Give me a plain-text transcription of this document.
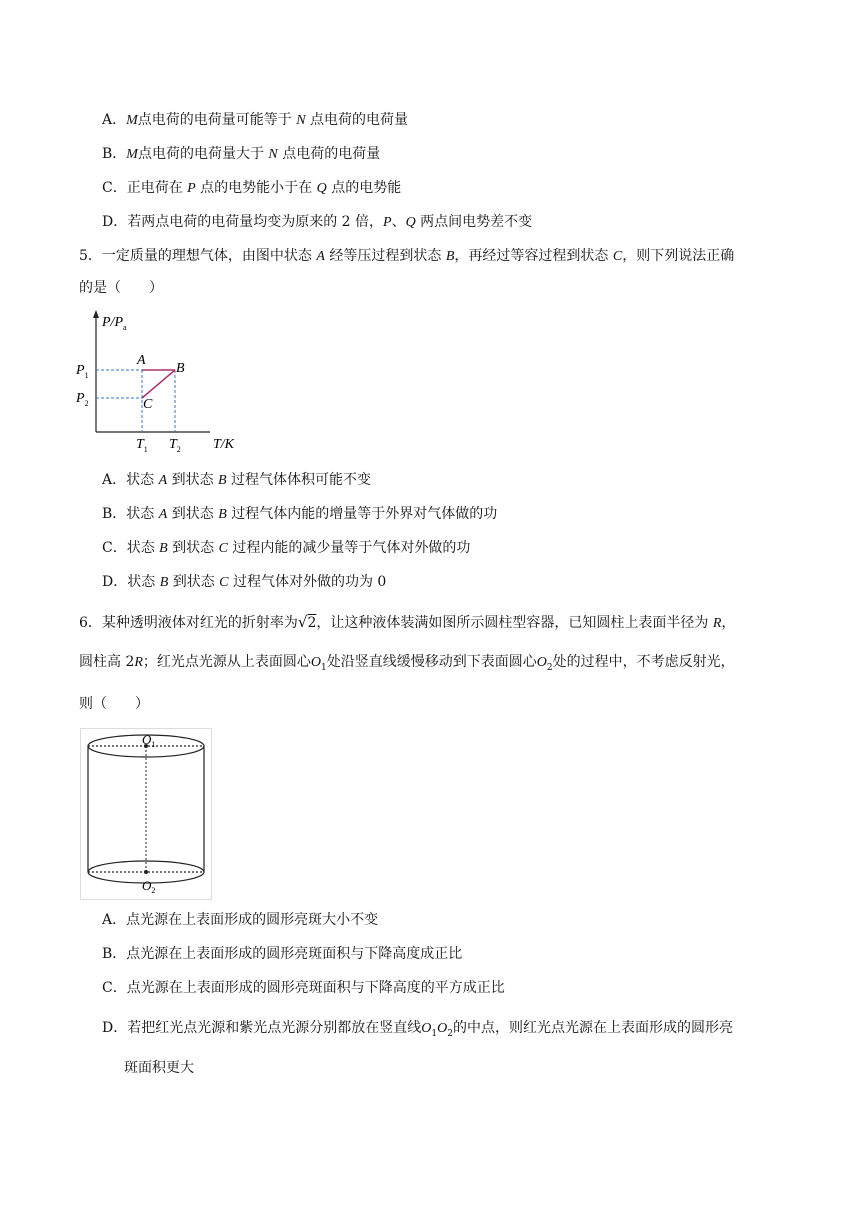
A．M点电荷的电荷量可能等于 N 点电荷的电荷量
B．M点电荷的电荷量大于 N 点电荷的电荷量
C．正电荷在 P 点的电势能小于在 Q 点的电势能
D．若两点电荷的电荷量均变为原来的 2 倍，P、Q 两点间电势差不变
5．一定质量的理想气体，由图中状态 A 经等压过程到状态 B，再经过等容过程到状态 C，则下列说法正确
的是（　　）
$P/P_a$
T/K
$P_1$
$P_2$
$T_1$ $T_2$
A
B
C
A．状态 A 到状态 B 过程气体体积可能不变
B．状态 A 到状态 B 过程气体内能的增量等于外界对气体做的功
C．状态 B 到状态 C 过程内能的减少量等于气体对外做的功
D．状态 B 到状态 C 过程气体对外做的功为 0
6．某种透明液体对红光的折射率为√2，让这种液体装满如图所示圆柱型容器，已知圆柱上表面半径为 R，
圆柱高 2R；红光点光源从上表面圆心$O_1$处沿竖直线缓慢移动到下表面圆心$O_2$处的过程中，不考虑反射光，
则（　　）
$O_1$
$O_2$
A．点光源在上表面形成的圆形亮斑大小不变
B．点光源在上表面形成的圆形亮斑面积与下降高度成正比
C．点光源在上表面形成的圆形亮斑面积与下降高度的平方成正比
D．若把红光点光源和紫光点光源分别都放在竖直线$O_1O_2$的中点，则红光点光源在上表面形成的圆形亮
斑面积更大
